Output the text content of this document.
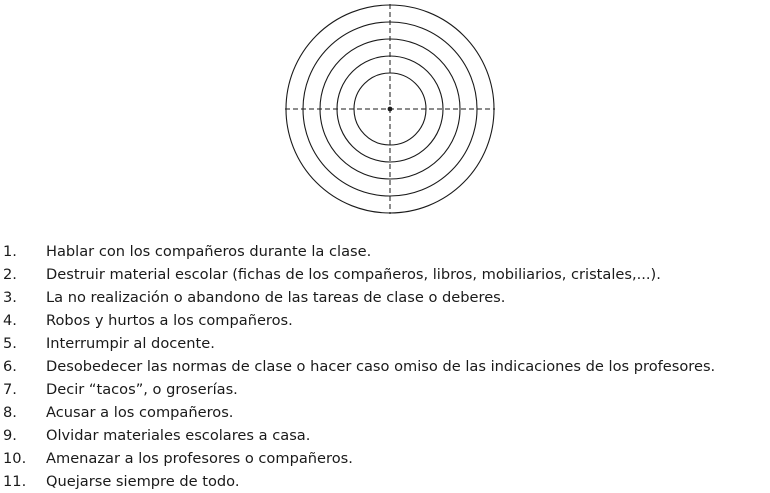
1.	Hablar con los compañeros durante la clase.
2.	Destruir material escolar (fichas de los compañeros, libros, mobiliarios, cristales,...).
3.	La no realización o abandono de las tareas de clase o deberes.
4.	Robos y hurtos a los compañeros.
5.	Interrumpir al docente.
6.	Desobedecer las normas de clase o hacer caso omiso de las indicaciones de los profesores.
7.	Decir “tacos”, o groserías.
8.	Acusar a los compañeros.
9.	Olvidar materiales escolares a casa.
10.	Amenazar a los profesores o compañeros.
11.	Quejarse siempre de todo.
